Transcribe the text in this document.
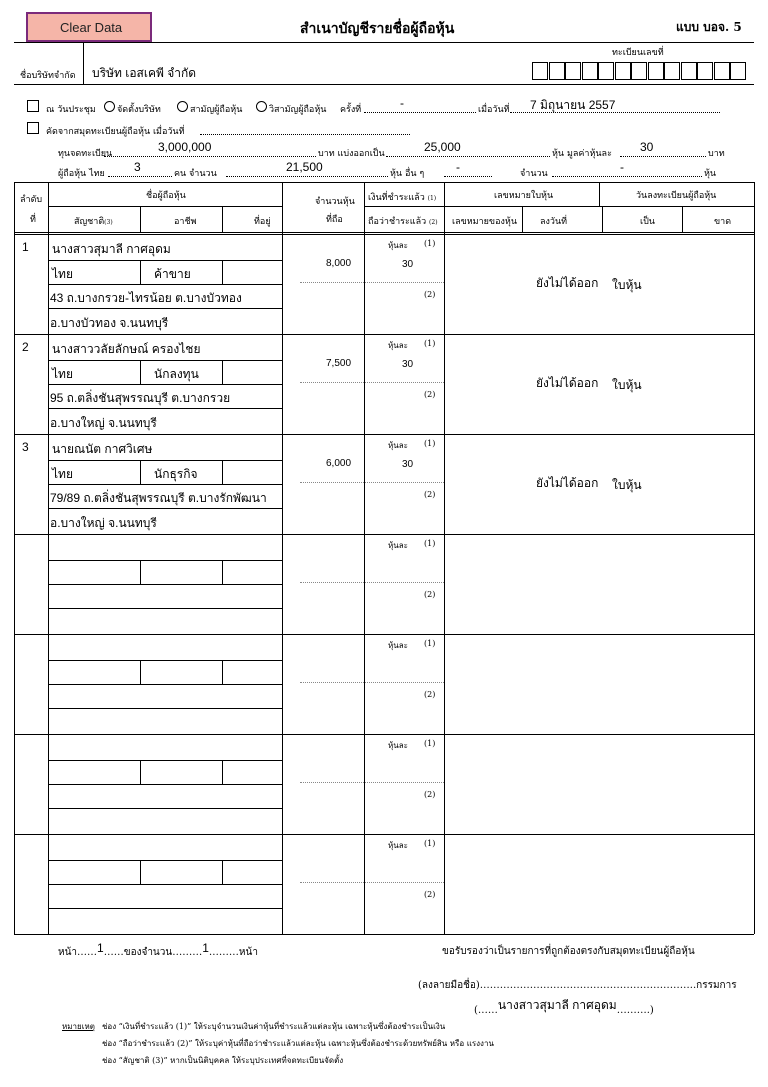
Clear Data	สำเนาบัญชีรายชื่อผู้ถือหุ้น	แบบ บอจ. 5
ชื่อบริษัทจำกัด บริษัท เอสเคพี จำกัด
ทะเบียนเลขที่
ณ วันประชุม จัดตั้งบริษัท	สามัญผู้ถือหุ้น	วิสามัญผู้ถือหุ้น ครั้งที่	-	เมื่อวันที่ 7 มิถุนายน 2557
คัดจากสมุดทะเบียนผู้ถือหุ้น เมื่อวันที่
ทุนจดทะเบียน	3,000,000	บาท แบ่งออกเป็น	25,000	หุ้น มูลค่าหุ้นละ 30	บาท
ผู้ถือหุ้น ไทย 3	คน จำนวน	21,500	หุ้น อื่น ๆ	-	จำนวน	-	หุ้น
ลำดับ
ที่
ชื่อผู้ถือหุ้น
สัญชาติ(3)	อาชีพ	ที่อยู่
จำนวนหุ้น
ที่ถือ
เงินที่ชำระแล้ว (1)
ถือว่าชำระแล้ว (2)
เลขหมายใบหุ้น
เลขหมายของหุ้น	ลงวันที่
วันลงทะเบียนผู้ถือหุ้น
เป็น	ขาด
หุ้นละ (1)
(2)
1 นางสาวสุมาลี กาศอุดม
ไทย	ค้าขาย
43 ถ.บางกรวย-ไทรน้อย ต.บางบัวทอง
อ.บางบัวทอง จ.นนทบุรี
8,000	30
ยังไม่ได้ออก ใบหุ้น
หุ้นละ (1)
(2)
2 นางสาววลัยลักษณ์ ครองไชย
ไทย	นักลงทุน
95 ถ.ตลิ่งชันสุพรรณบุรี ต.บางกรวย
อ.บางใหญ่ จ.นนทบุรี
7,500	30
ยังไม่ได้ออก ใบหุ้น
หุ้นละ (1)
(2)
3 นายณนัต กาศวิเศษ
ไทย	นักธุรกิจ
79/89 ถ.ตลิ่งชันสุพรรณบุรี ต.บางรักพัฒนา
อ.บางใหญ่ จ.นนทบุรี
6,000	30
ยังไม่ได้ออก ใบหุ้น
หุ้นละ (1)
(2)
หุ้นละ (1)
(2)
หุ้นละ (1)
(2)
หุ้นละ (1)
(2)
หน้า……1……ของจำนวน………1………หน้า	ขอรับรองว่าเป็นรายการที่ถูกต้องตรงกับสมุดทะเบียนผู้ถือหุ้น
(ลงลายมือชื่อ)………………………………………………………..กรรมการ
(……นางสาวสุมาลี กาศอุดม……….)
หมายเหตุ ช่อง “เงินที่ชำระแล้ว (1)” ให้ระบุจำนวนเงินค่าหุ้นที่ชำระแล้วแต่ละหุ้น เฉพาะหุ้นซึ่งต้องชำระเป็นเงิน
ช่อง “ถือว่าชำระแล้ว (2)” ให้ระบุค่าหุ้นที่ถือว่าชำระแล้วแต่ละหุ้น เฉพาะหุ้นซึ่งต้องชำระด้วยทรัพย์สิน หรือ แรงงาน
ช่อง “สัญชาติ (3)” หากเป็นนิติบุคคล ให้ระบุประเทศที่จดทะเบียนจัดตั้ง
